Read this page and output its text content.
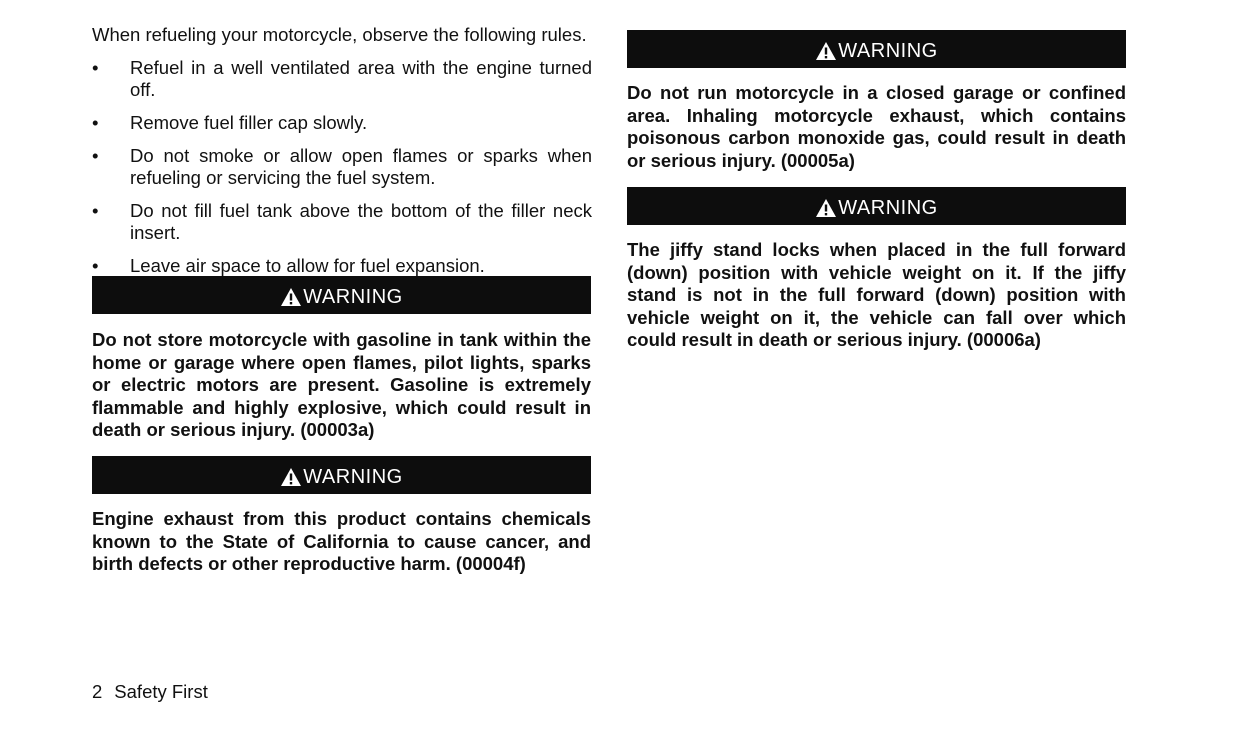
When refueling your motorcycle, observe the following rules.
• Refuel in a well ventilated area with the engine turned off.
• Remove fuel filler cap slowly.
• Do not smoke or allow open flames or sparks when refueling or servicing the fuel system.
• Do not fill fuel tank above the bottom of the filler neck insert.
• Leave air space to allow for fuel expansion.
WARNING
Do not store motorcycle with gasoline in tank within the home or garage where open flames, pilot lights, sparks or electric motors are present. Gasoline is extremely flammable and highly explosive, which could result in death or serious injury. (00003a)
WARNING
Engine exhaust from this product contains chemicals known to the State of California to cause cancer, and birth defects or other reproductive harm. (00004f)
WARNING
Do not run motorcycle in a closed garage or confined area. Inhaling motorcycle exhaust, which contains poisonous carbon monoxide gas, could result in death or serious injury. (00005a)
WARNING
The jiffy stand locks when placed in the full forward (down) position with vehicle weight on it. If the jiffy stand is not in the full forward (down) position with vehicle weight on it, the vehicle can fall over which could result in death or serious injury. (00006a)
2 Safety First
